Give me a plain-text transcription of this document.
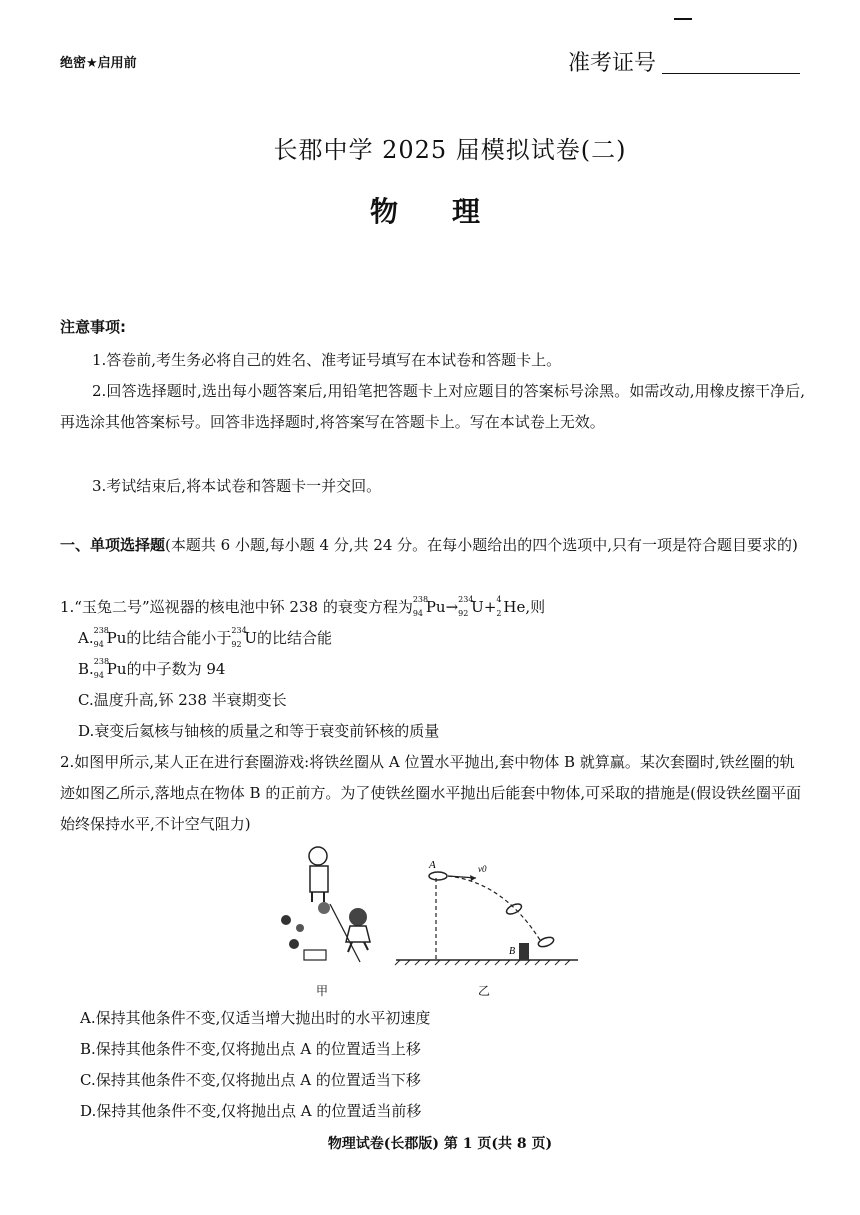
绝密★启用前	准考证号
长郡中学 2025 届模拟试卷(二)
物理
注意事项:
1.答卷前,考生务必将自己的姓名、准考证号填写在本试卷和答题卡上。
2.回答选择题时,选出每小题答案后,用铅笔把答题卡上对应题目的答案标号涂黑。如需改动,用橡皮擦干净后,再选涂其他答案标号。回答非选择题时,将答案写在答题卡上。写在本试卷上无效。
3.考试结束后,将本试卷和答题卡一并交回。
一、单项选择题(本题共 6 小题,每小题 4 分,共 24 分。在每小题给出的四个选项中,只有一项是符合题目要求的)
1.“玉兔二号”巡视器的核电池中钚 238 的衰变方程为 238
94 Pu→ 234
92 U+ 4
2 He,则
A. 238
94 Pu的比结合能小于 234
92 U的比结合能
B. 238
94 Pu的中子数为 94
C.温度升高,钚 238 半衰期变长
D.衰变后氦核与铀核的质量之和等于衰变前钚核的质量
2.如图甲所示,某人正在进行套圈游戏:将铁丝圈从 A 位置水平抛出,套中物体 B 就算赢。某次套圈时,铁丝圈的轨迹如图乙所示,落地点在物体 B 的正前方。为了使铁丝圈水平抛出后能套中物体,可采取的措施是(假设铁丝圈平面始终保持水平,不计空气阻力)
A	v0
B
甲	乙
A.保持其他条件不变,仅适当增大抛出时的水平初速度
B.保持其他条件不变,仅将抛出点 A 的位置适当上移
C.保持其他条件不变,仅将抛出点 A 的位置适当下移
D.保持其他条件不变,仅将抛出点 A 的位置适当前移
物理试卷(长郡版) 第 1 页(共 8 页)
